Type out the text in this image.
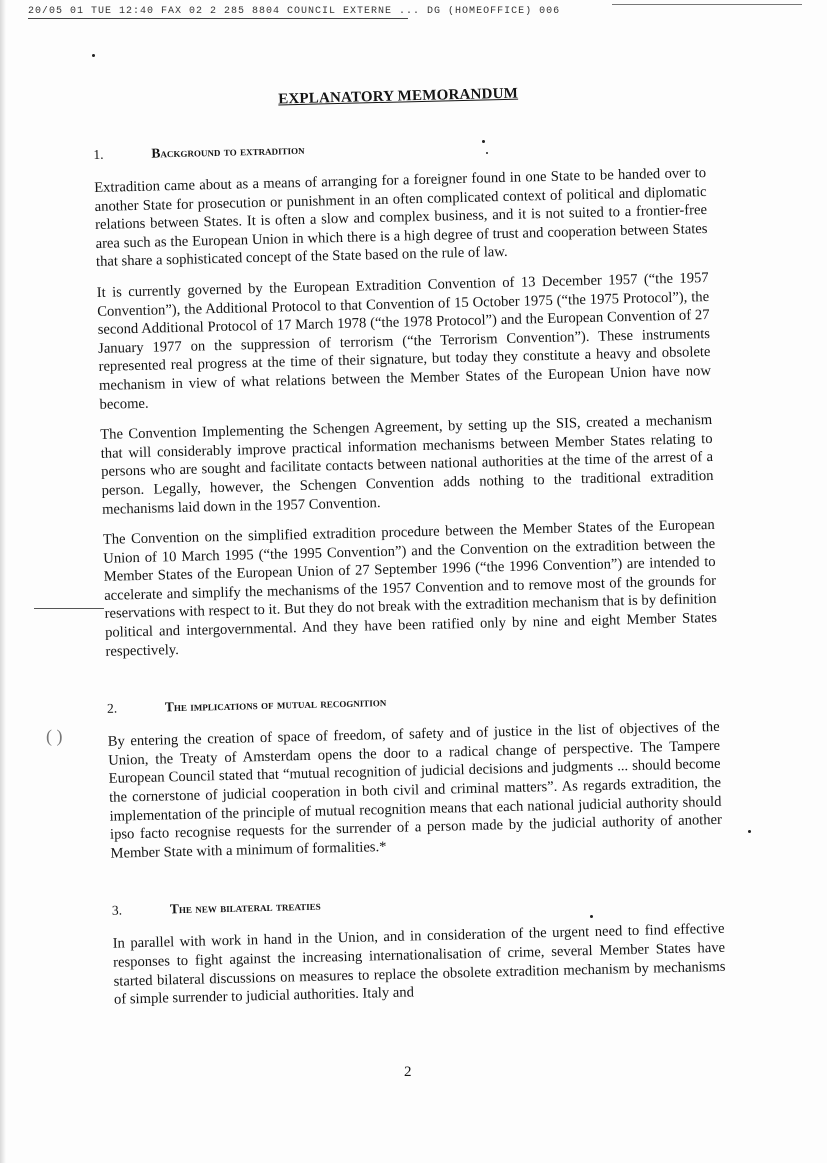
20/05 01 TUE 12:40 FAX 02 2 285 8804 COUNCIL EXTERNE ... DG (HOMEOFFICE) 006
EXPLANATORY MEMORANDUM
1.	Background to extradition

Extradition came about as a means of arranging for a foreigner found in one State to be handed over to another State for prosecution or punishment in an often complicated context of political and diplomatic relations between States. It is often a slow and complex business, and it is not suited to a frontier-free area such as the European Union in which there is a high degree of trust and cooperation between States that share a sophisticated concept of the State based on the rule of law.

It is currently governed by the European Extradition Convention of 13 December 1957 (“the 1957 Convention”), the Additional Protocol to that Convention of 15 October 1975 (“the 1975 Protocol”), the second Additional Protocol of 17 March 1978 (“the 1978 Protocol”) and the European Convention of 27 January 1977 on the suppression of terrorism (“the Terrorism Convention”). These instruments represented real progress at the time of their signature, but today they constitute a heavy and obsolete mechanism in view of what relations between the Member States of the European Union have now become.

The Convention Implementing the Schengen Agreement, by setting up the SIS, created a mechanism that will considerably improve practical information mechanisms between Member States relating to persons who are sought and facilitate contacts between national authorities at the time of the arrest of a person. Legally, however, the Schengen Convention adds nothing to the traditional extradition mechanisms laid down in the 1957 Convention.

The Convention on the simplified extradition procedure between the Member States of the European Union of 10 March 1995 (“the 1995 Convention”) and the Convention on the extradition between the Member States of the European Union of 27 September 1996 (“the 1996 Convention”) are intended to accelerate and simplify the mechanisms of the 1957 Convention and to remove most of the grounds for reservations with respect to it. But they do not break with the extradition mechanism that is by definition political and intergovernmental. And they have been ratified only by nine and eight Member States respectively.

2.	The implications of mutual recognition

By entering the creation of space of freedom, of safety and of justice in the list of objectives of the Union, the Treaty of Amsterdam opens the door to a radical change of perspective. The Tampere European Council stated that “mutual recognition of judicial decisions and judgments ... should become the cornerstone of judicial cooperation in both civil and criminal matters”. As regards extradition, the implementation of the principle of mutual recognition means that each national judicial authority should ipso facto recognise requests for the surrender of a person made by the judicial authority of another Member State with a minimum of formalities.*

3.	The new bilateral treaties

In parallel with work in hand in the Union, and in consideration of the urgent need to find effective responses to fight against the increasing internationalisation of crime, several Member States have started bilateral discussions on measures to replace the obsolete extradition mechanism by mechanisms of simple surrender to judicial authorities. Italy and

( )
2
